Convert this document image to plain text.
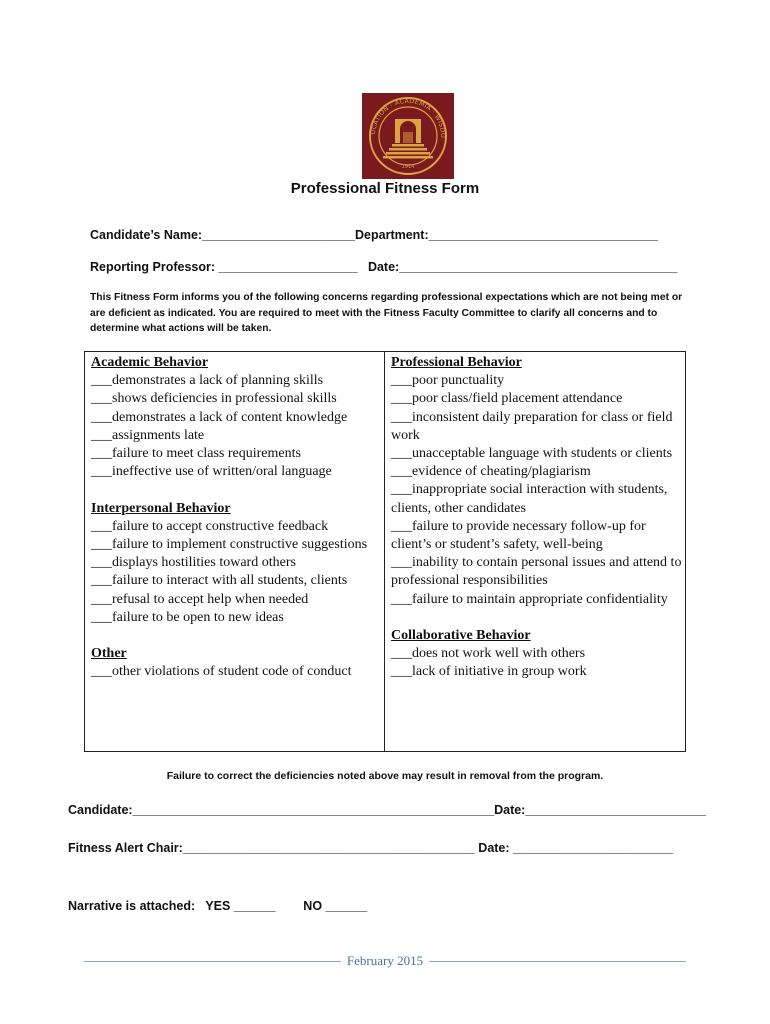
UCATION · ACADEMIA · WISDO
1914
Professional Fitness Form
Candidate’s Name:______________________Department:_________________________________
Reporting Professor: ____________________   Date:________________________________________
This Fitness Form informs you of the following concerns regarding professional expectations which are not being met or are deficient as indicated. You are required to meet with the Fitness Faculty Committee to clarify all concerns and to determine what actions will be taken.
Academic Behavior
___demonstrates a lack of planning skills
___shows deficiencies in professional skills
___demonstrates a lack of content knowledge
___assignments late
___failure to meet class requirements
___ineffective use of written/oral language
Interpersonal Behavior
___failure to accept constructive feedback
___failure to implement constructive suggestions
___displays hostilities toward others
___failure to interact with all students, clients
___refusal to accept help when needed
___failure to be open to new ideas
Other
___other violations of student code of conduct
Professional Behavior
___poor punctuality
___poor class/field placement attendance
___inconsistent daily preparation for class or field work
___unacceptable language with students or clients
___evidence of cheating/plagiarism
___inappropriate social interaction with students, clients, other candidates
___failure to provide necessary follow-up for client’s or student’s safety, well-being
___inability to contain personal issues and attend to professional responsibilities
___failure to maintain appropriate confidentiality
Collaborative Behavior
___does not work well with others
___lack of initiative in group work
Failure to correct the deficiencies noted above may result in removal from the program.
Candidate:____________________________________________________Date:__________________________
Fitness Alert Chair:__________________________________________ Date: _______________________
Narrative is attached:   YES ______        NO ______
February 2015
